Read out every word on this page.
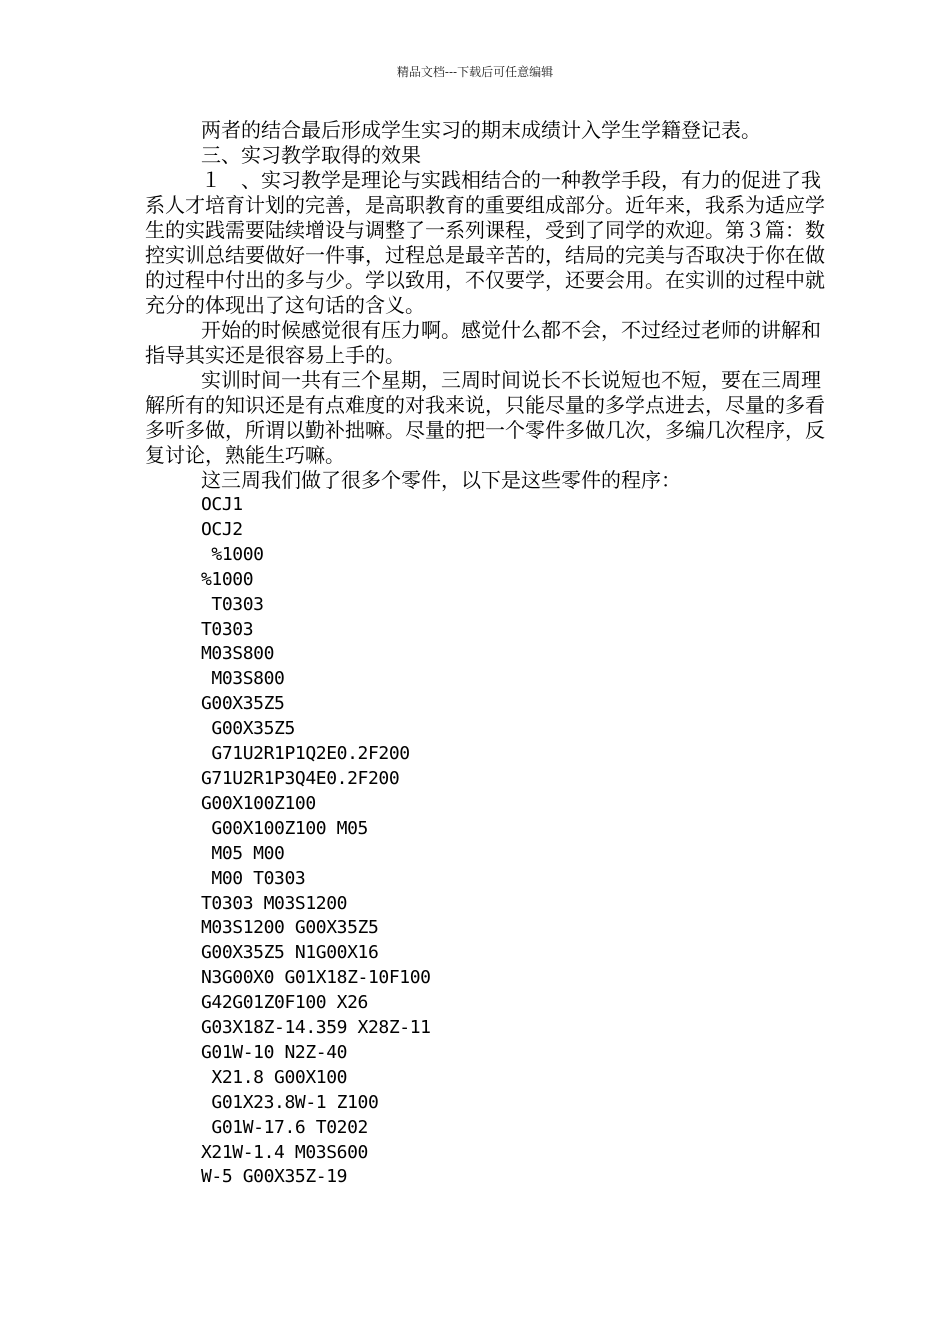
精品文档---下载后可任意编辑

两者的结合最后形成学生实习的期末成绩计入学生学籍登记表。

三、实习教学取得的效果

１　、实习教学是理论与实践相结合的一种教学手段，有力的促进了我系人才培育计划的完善，是高职教育的重要组成部分。近年来，我系为适应学生的实践需要陆续增设与调整了一系列课程，受到了同学的欢迎。第３篇：数控实训总结要做好一件事，过程总是最辛苦的，结局的完美与否取决于你在做的过程中付出的多与少。学以致用，不仅要学，还要会用。在实训的过程中就充分的体现出了这句话的含义。

开始的时候感觉很有压力啊。感觉什么都不会，不过经过老师的讲解和指导其实还是很容易上手的。

实训时间一共有三个星期，三周时间说长不长说短也不短，要在三周理解所有的知识还是有点难度的对我来说，只能尽量的多学点进去，尽量的多看多听多做，所谓以勤补拙嘛。尽量的把一个零件多做几次，多编几次程序，反复讨论，熟能生巧嘛。

这三周我们做了很多个零件，以下是这些零件的程序：

OCJ1
OCJ2
%1000
%1000
T0303
T0303
M03S800
M03S800
G00X35Z5
G00X35Z5
G71U2R1P1Q2E0.2F200
G71U2R1P3Q4E0.2F200
G00X100Z100
G00X100Z100 M05
M05 M00
M00 T0303
T0303 M03S1200
M03S1200 G00X35Z5
G00X35Z5 N1G00X16
N3G00X0 G01X18Z-10F100
G42G01Z0F100 X26
G03X18Z-14.359 X28Z-11
G01W-10 N2Z-40
X21.8 G00X100
G01X23.8W-1 Z100
G01W-17.6 T0202
X21W-1.4 M03S600
W-5 G00X35Z-19
